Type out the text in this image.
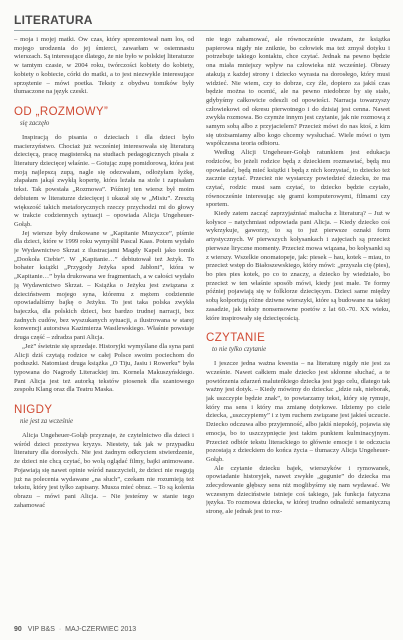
LITERATURA

– moja i mojej matki. Ów czas, który sprezentował nam los, od mojego urodzenia do jej śmierci, zawarłam w osiemnastu wierszach. Są interesujące dlatego, że nie było w polskiej literaturze w tamtym czasie, w 2004 roku, twórczości kobiety do kobiety, kobiety o kobiecie, córki do matki, a to jest niezwykle interesujące sprzężenie – mówi poetka. Teksty z obydwu tomików były tłumaczone na język czeski.

OD „ROZMOWY”
się zaczęło

Inspiracją do pisania o dzieciach i dla dzieci było macierzyństwo. Chociaż już wcześniej interesowała się literaturą dziecięcą, pracę magisterską na studiach pedagogicznych pisała z literatury dziecięcej właśnie. – Gotując zupę pomidorową, która jest moją najlepszą zupą, nagle się odezwałam, odłożyłam łyżkę, złapałam jakąś zwykłą kopertę, która leżała na stole i zapisałam tekst. Tak powstała „Rozmowa”. Później ten wiersz był moim debiutem w literaturze dziecięcej i ukazał się w „Misiu”. Zresztą większość takich metaforycznych rzeczy przychodzi mi do głowy w trakcie codziennych sytuacji – opowiada Alicja Ungeheuer-Gołąb.

Jej wiersze były drukowane w „Kapitanie Muzyczce”, piśmie dla dzieci, które w 1999 roku wymyślił Pascal Kaas. Potem wydało je Wydawnictwo Skrzat z ilustracjami Magdy Kapeli jako tomik „Dookoła Ciebie”. W „Kapitanie…” debiutował też Jeżyk. To bohater książki „Przygody Jeżyka spod Jabłoni”, która w „Kapitanie…” była drukowana we fragmentach, a w całości wydało ją Wydawnictwo Skrzat. – Książka o Jeżyku jest związana z dzieciństwem mojego syna, któremu z mężem codziennie opowiadaliśmy bajkę o Jeżyku. To jest taka polska zwykła bajeczka, dla polskich dzieci, bez bardzo trudnej narracji, bez żadnych cudów, bez wyszukanych sytuacji, a ilustrowana w starej konwencji autorstwa Kazimierza Wasilewskiego. Właśnie powstaje druga część – zdradza pani Alicja.

„Jeż” świetnie się sprzedaje. Historyjki wymyślane dla syna pani Alicji dziś czytają rodzice w całej Polsce swoim pociechom do poduszki. Natomiast druga książka „O Tiju, Jasiu i Rowerku” była typowana do Nagrody Literackiej im. Kornela Makuszyńskiego. Pani Alicja jest też autorką tekstów piosenek dla szantowego zespołu Klang oraz dla Teatru Maska.

NIGDY
nie jest za wcześnie

Alicja Ungeheuer-Gołąb przyznaje, że czytelnictwo dla dzieci i wśród dzieci przeżywa kryzys. Niestety, tak jak w przypadku literatury dla dorosłych. Nie jest żadnym odkryciem stwierdzenie, że dzieci nie chcą czytać, bo wolą oglądać filmy, bajki animowane. Pojawiają się nawet opinie wśród nauczycieli, że dzieci nie reagują już na polecenia wydawane „na słuch”, czekam nie rozumieją też tekstu, który jest tylko zapisany. Musza mieć obraz. – To są kolenia obrazu – mówi pani Alicja. – Nie jesteśmy w stanie tego zahamować

nie tego zahamować, ale równocześnie uważam, że książka papierowa nigdy nie zniknie, bo człowiek ma też zmysł dotyku i potrzebuje takiego kontaktu, chce czytać. Jednak na pewno będzie ona miała mniejszy wpływ na człowieka niż wcześniej. Obrazy atakują z każdej strony i dziecko wyrasta na dorosłego, który musi widzieć. Nie wiem, czy to dobrze, czy źle, dopiero za jakiś czas będzie można to ocenić, ale na pewno niedobrze by się stało, gdybyśmy całkowicie odeszli od opowieści. Narracja towarzyszy człowiekowi od okresu pierwotnego i do dzisiaj jest cenna. Nawet zwykła rozmowa. Bo czymże innym jest czytanie, jak nie rozmową z samym sobą albo z przyjacielem? Przecież mówi do nas ktoś, z kim się utożsamiamy albo kogo chcemy wysłuchać. Wiele mówi o tym współczesna teoria odbioru.

Według Alicji Ungeheuer-Gołąb ratunkiem jest edukacja rodziców, bo jeżeli rodzice będą z dzieckiem rozmawiać, będą mu opowiadać, będą mieć książki i będą z nich korzystać, to dziecko też zacznie czytać. Przecież nie wystarczy powiedzieć dziecku, że ma czytać, rodzic musi sam czytać, to dziecko będzie czytało, równocześnie interesując się grami komputerowymi, filmami czy sportem.

Kiedy zatem zacząć zaprzyjaźniać malucha z literaturą? – Już w kołysce – natychmiast odpowiada pani Alicja. – Kiedy dziecko coś wykrzykuje, gaworzy, to są to już pierwsze oznaki form artystycznych. W pierwszych kołysankach i zajęciach są przecież pierwsze liryczne momenty. Przecież mowa wiązana, bo kołysanki są z wierszy. Wszelkie onomatopeje, jak: piesek – hau, kotek – miau, to przecież wstęp do Białoszewskiego, który mówi: „przyszła cię (pies), bo pies pies kotek, po co to znaczy, a dziecko by wiedziało, bo przecież w ten właśnie sposób mówi, kiedy jest małe. Te formy później pojawiają się w folklorze dziecięcym. Dzieci same między sobą kolportują różne dziwne wierszyki, które są budowane na takiej zasadzie, jak teksty nonsensowne poetów z lat 60.-70. XX wieku, które inspirowały się dziecięcością.

CZYTANIE
to nie tylko czytanie

I jeszcze jedna ważna kwestia – na literaturę nigdy nie jest za wcześnie. Nawet całkiem małe dziecko jest skłonne słuchać, a te powtórzenia zdarzeń maluteńkiego dziecka jest jego celu, dlatego tak ważny jest dotyk. – Kiedy mówimy do dziecka: „idzie rak, nieborak, jak uszczypie będzie znak”, to powtarzamy tekst, który się rymuje, który ma sens i który ma zmianę dotykowe. Idziemy po ciele dziecka, „uszczypiemy” i z tym ruchem związane jest jakieś uczucie. Dziecko odczuwa albo przyjemność, albo jakiś niepokój, pojawia się emocja, bo to uszczypnięcie jest takim punktem kulminacyjnym. Przecież odbiór tekstu literackiego to głównie emocje i te odczucia pozostają z dzieckiem do końca życia – tłumaczy Alicja Ungeheuer-Gołąb.

Ale czytanie dziecku bajek, wierszyków i rymowanek, opowiadanie historyjek, nawet zwykłe „gugunie” do dziecka ma zdecydowanie głębszy sens niż moglibyśmy się nam wydawać. We wczesnym dzieciństwie istnieje coś takiego, jak funkcja fatyczna języka. To rozmowa dziecka, w której trudno odnaleźć semantyczną stronę, ale jednak jest to roz-

90 VIP B&S · MAJ-CZERWIEC 2013
